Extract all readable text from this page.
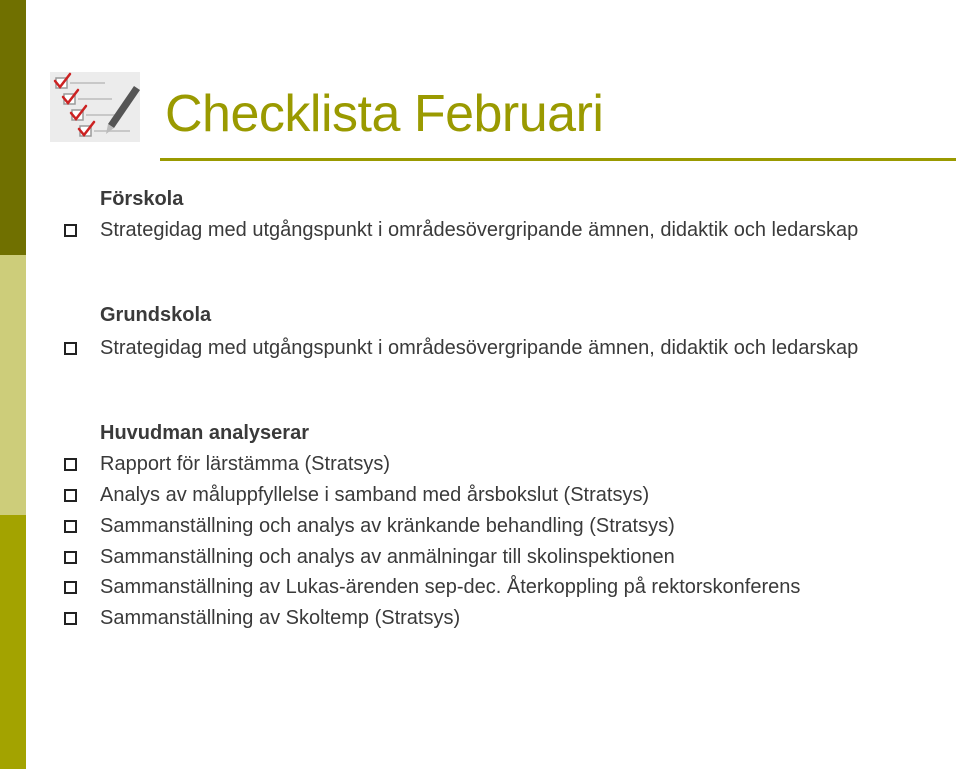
Checklista Februari
Förskola
Strategidag med utgångspunkt i områdesövergripande ämnen, didaktik och ledarskap
Grundskola
Strategidag med utgångspunkt i områdesövergripande ämnen, didaktik och ledarskap
Huvudman analyserar
Rapport för lärstämma (Stratsys)
Analys av måluppfyllelse i samband med årsbokslut (Stratsys)
Sammanställning och analys av kränkande behandling (Stratsys)
Sammanställning och analys av anmälningar till skolinspektionen
Sammanställning av Lukas-ärenden sep-dec. Återkoppling på rektorskonferens
Sammanställning av Skoltemp (Stratsys)
